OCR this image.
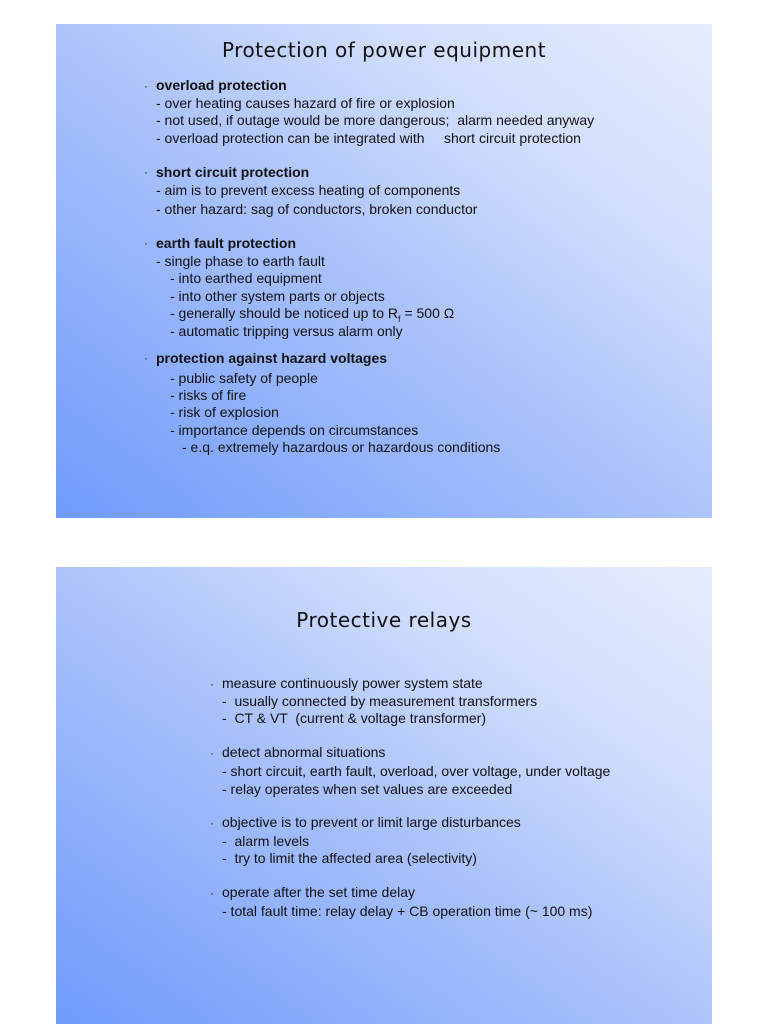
Protection of power equipment
· overload protection
- over heating causes hazard of fire or explosion
- not used, if outage would be more dangerous;  alarm needed anyway
- overload protection can be integrated with     short circuit protection
· short circuit protection
- aim is to prevent excess heating of components
- other hazard: sag of conductors, broken conductor
· earth fault protection
- single phase to earth fault
- into earthed equipment
- into other system parts or objects
- generally should be noticed up to $R_f = 500$ Ω
- automatic tripping versus alarm only
· protection against hazard voltages
- public safety of people
- risks of fire
- risk of explosion
- importance depends on circumstances
- e.q. extremely hazardous or hazardous conditions
Protective relays
· measure continuously power system state
-  usually connected by measurement transformers
-  CT & VT  (current & voltage transformer)
· detect abnormal situations
- short circuit, earth fault, overload, over voltage, under voltage
- relay operates when set values are exceeded
· objective is to prevent or limit large disturbances
-  alarm levels
-  try to limit the affected area (selectivity)
· operate after the set time delay
- total fault time: relay delay + CB operation time (~ 100 ms)
